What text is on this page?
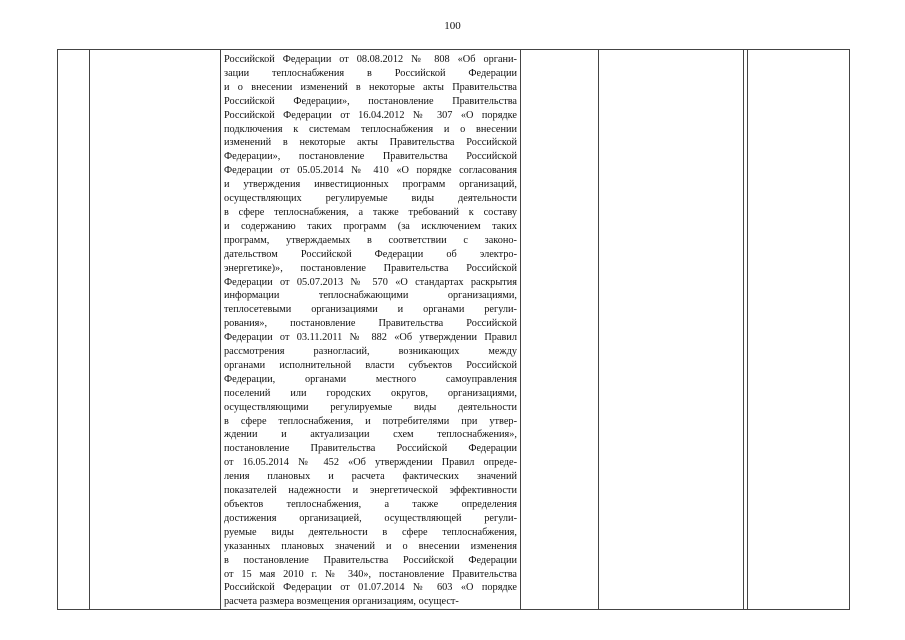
100

Российской Федерации от 08.08.2012 № 808 «Об органи-
зации теплоснабжения в Российской Федерации
и о внесении изменений в некоторые акты Правительства
Российской Федерации», постановление Правительства
Российской Федерации от 16.04.2012 № 307 «О порядке
подключения к системам теплоснабжения и о внесении
изменений в некоторые акты Правительства Российской
Федерации», постановление Правительства Российской
Федерации от 05.05.2014 № 410 «О порядке согласования
и утверждения инвестиционных программ организаций,
осуществляющих регулируемые виды деятельности
в сфере теплоснабжения, а также требований к составу
и содержанию таких программ (за исключением таких
программ, утверждаемых в соответствии с законо-
дательством Российской Федерации об электро-
энергетике)», постановление Правительства Российской
Федерации от 05.07.2013 № 570 «О стандартах раскрытия
информации теплоснабжающими организациями,
теплосетевыми организациями и органами регули-
рования», постановление Правительства Российской
Федерации от 03.11.2011 № 882 «Об утверждении Правил
рассмотрения разногласий, возникающих между
органами исполнительной власти субъектов Российской
Федерации, органами местного самоуправления
поселений или городских округов, организациями,
осуществляющими регулируемые виды деятельности
в сфере теплоснабжения, и потребителями при утвер-
ждении и актуализации схем теплоснабжения»,
постановление Правительства Российской Федерации
от 16.05.2014 № 452 «Об утверждении Правил опреде-
ления плановых и расчета фактических значений
показателей надежности и энергетической эффективности
объектов теплоснабжения, а также определения
достижения организацией, осуществляющей регули-
руемые виды деятельности в сфере теплоснабжения,
указанных плановых значений и о внесении изменения
в постановление Правительства Российской Федерации
от 15 мая 2010 г. № 340», постановление Правительства
Российской Федерации от 01.07.2014 № 603 «О порядке
расчета размера возмещения организациям, осущест-
